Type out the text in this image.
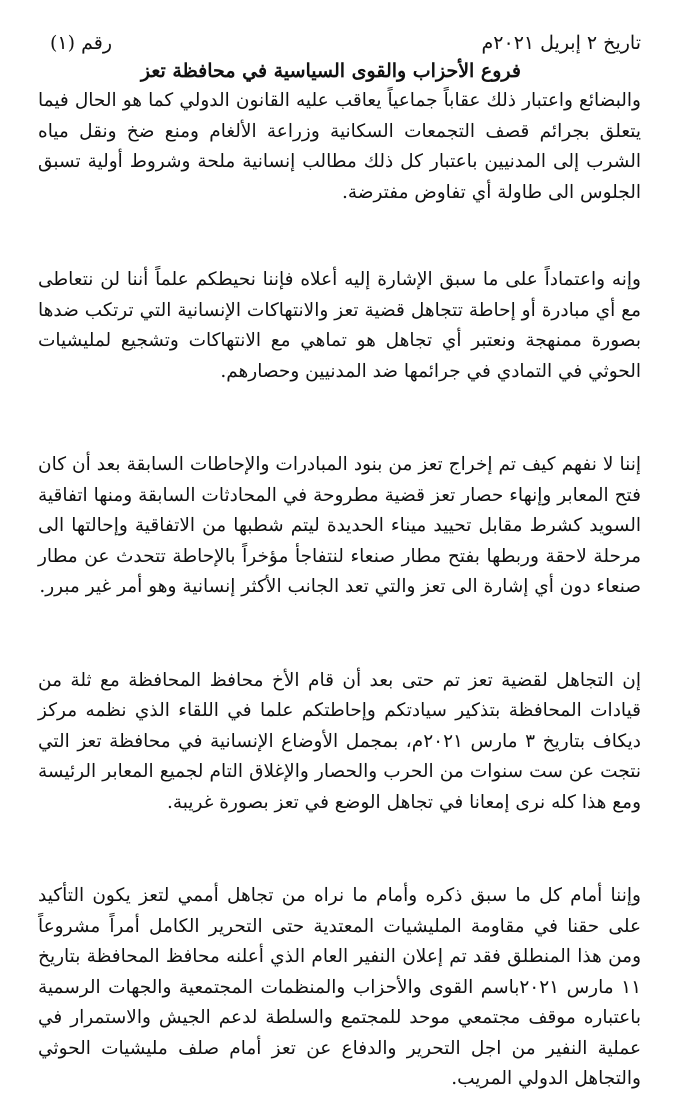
تاريخ ٢ إبريل ٢٠٢١م
رقم (١)
فروع الأحزاب والقوى السياسية في محافظة تعز

والبضائع واعتبار ذلك عقاباً جماعياً يعاقب عليه القانون الدولي كما هو الحال فيما يتعلق بجرائم قصف التجمعات السكانية وزراعة الألغام ومنع ضخ ونقل مياه الشرب إلى المدنيين باعتبار كل ذلك مطالب إنسانية ملحة وشروط أولية تسبق الجلوس الى طاولة أي تفاوض مفترضة.

وإنه واعتماداً على ما سبق الإشارة إليه أعلاه فإننا نحيطكم علماً أننا لن نتعاطى مع أي مبادرة أو إحاطة تتجاهل قضية تعز والانتهاكات الإنسانية التي ترتكب ضدها بصورة ممنهجة ونعتبر أي تجاهل هو تماهي مع الانتهاكات وتشجيع لمليشيات الحوثي في التمادي في جرائمها ضد المدنيين وحصارهم.

إننا لا نفهم كيف تم إخراج تعز من بنود المبادرات والإحاطات السابقة بعد أن كان فتح المعابر وإنهاء حصار تعز قضية مطروحة في المحادثات السابقة ومنها اتفاقية السويد كشرط مقابل تحييد ميناء الحديدة ليتم شطبها من الاتفاقية وإحالتها الى مرحلة لاحقة وربطها بفتح مطار صنعاء لنتفاجأ مؤخراً بالإحاطة تتحدث عن مطار صنعاء دون أي إشارة الى تعز والتي تعد الجانب الأكثر إنسانية وهو أمر غير مبرر.

إن التجاهل لقضية تعز تم حتى بعد أن قام الأخ محافظ المحافظة مع ثلة من قيادات المحافظة بتذكير سيادتكم وإحاطتكم علما في اللقاء الذي نظمه مركز ديكاف بتاريخ ٣ مارس ٢٠٢١م، بمجمل الأوضاع الإنسانية في محافظة تعز التي نتجت عن ست سنوات من الحرب والحصار والإغلاق التام لجميع المعابر الرئيسة ومع هذا كله نرى إمعانا في تجاهل الوضع في تعز بصورة غريبة.

وإننا أمام كل ما سبق ذكره وأمام ما نراه من تجاهل أممي لتعز يكون التأكيد على حقنا في مقاومة المليشيات المعتدية حتى التحرير الكامل أمراً مشروعاً ومن هذا المنطلق فقد تم إعلان النفير العام الذي أعلنه محافظ المحافظة بتاريخ ١١ مارس ٢٠٢١باسم القوى والأحزاب والمنظمات المجتمعية والجهات الرسمية باعتباره موقف مجتمعي موحد للمجتمع والسلطة لدعم الجيش والاستمرار في عملية النفير من اجل التحرير والدفاع عن تعز أمام صلف مليشيات الحوثي والتجاهل الدولي المريب.
